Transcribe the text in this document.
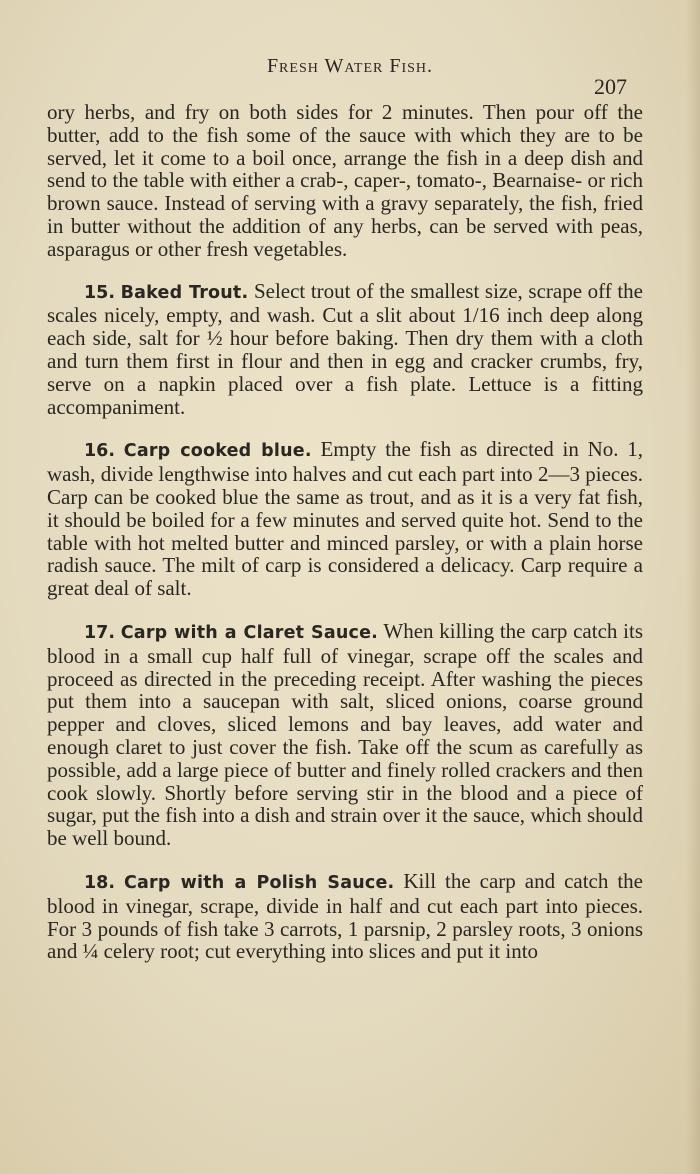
Fresh Water Fish.
207

ory herbs, and fry on both sides for 2 minutes. Then pour off the butter, add to the fish some of the sauce with which they are to be served, let it come to a boil once, arrange the fish in a deep dish and send to the table with either a crab-, caper-, tomato-, Bearnaise- or rich brown sauce. Instead of serving with a gravy separately, the fish, fried in butter without the addition of any herbs, can be served with peas, asparagus or other fresh vegetables.

15. Baked Trout. Select trout of the smallest size, scrape off the scales nicely, empty, and wash. Cut a slit about 1/16 inch deep along each side, salt for ½ hour before baking. Then dry them with a cloth and turn them first in flour and then in egg and cracker crumbs, fry, serve on a napkin placed over a fish plate. Lettuce is a fitting accompaniment.

16. Carp cooked blue. Empty the fish as directed in No. 1, wash, divide lengthwise into halves and cut each part into 2—3 pieces. Carp can be cooked blue the same as trout, and as it is a very fat fish, it should be boiled for a few minutes and served quite hot. Send to the table with hot melted butter and minced parsley, or with a plain horse radish sauce. The milt of carp is considered a delicacy. Carp require a great deal of salt.

17. Carp with a Claret Sauce. When killing the carp catch its blood in a small cup half full of vinegar, scrape off the scales and proceed as directed in the preceding receipt. After washing the pieces put them into a saucepan with salt, sliced onions, coarse ground pepper and cloves, sliced lemons and bay leaves, add water and enough claret to just cover the fish. Take off the scum as carefully as possible, add a large piece of butter and finely rolled crackers and then cook slowly. Shortly before serving stir in the blood and a piece of sugar, put the fish into a dish and strain over it the sauce, which should be well bound.

18. Carp with a Polish Sauce. Kill the carp and catch the blood in vinegar, scrape, divide in half and cut each part into pieces. For 3 pounds of fish take 3 carrots, 1 parsnip, 2 parsley roots, 3 onions and ¼ celery root; cut everything into slices and put it into
